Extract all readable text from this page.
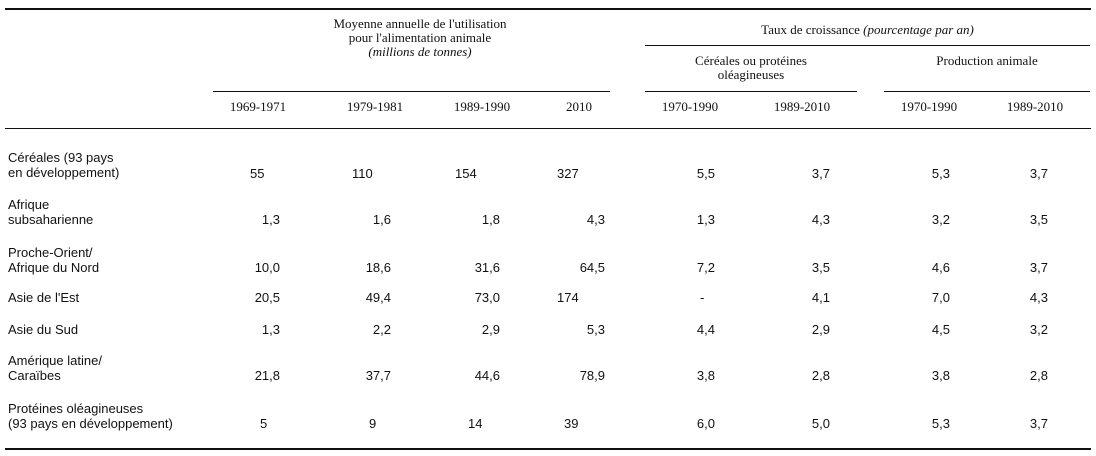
Moyenne annuelle de l'utilisation
pour l'alimentation animale
(millions de tonnes)
Taux de croissance (pourcentage par an)
Céréales ou protéines
oléagineuses
Production animale
1969-1971	1979-1981	1989-1990	2010	1970-1990	1989-2010	1970-1990	1989-2010
Céréales (93 pays
en développement)	55	110	154	327	5,5	3,7	5,3	3,7
Afrique
subsaharienne	1,3	1,6	1,8	4,3	1,3	4,3	3,2	3,5
Proche-Orient/
Afrique du Nord	10,0	18,6	31,6	64,5	7,2	3,5	4,6	3,7
Asie de l'Est	20,5	49,4	73,0	174	-	4,1	7,0	4,3
Asie du Sud	1,3	2,2	2,9	5,3	4,4	2,9	4,5	3,2
Amérique latine/
Caraïbes	21,8	37,7	44,6	78,9	3,8	2,8	3,8	2,8
Protéines oléagineuses
(93 pays en développement)	5	9	14	39	6,0	5,0	5,3	3,7
